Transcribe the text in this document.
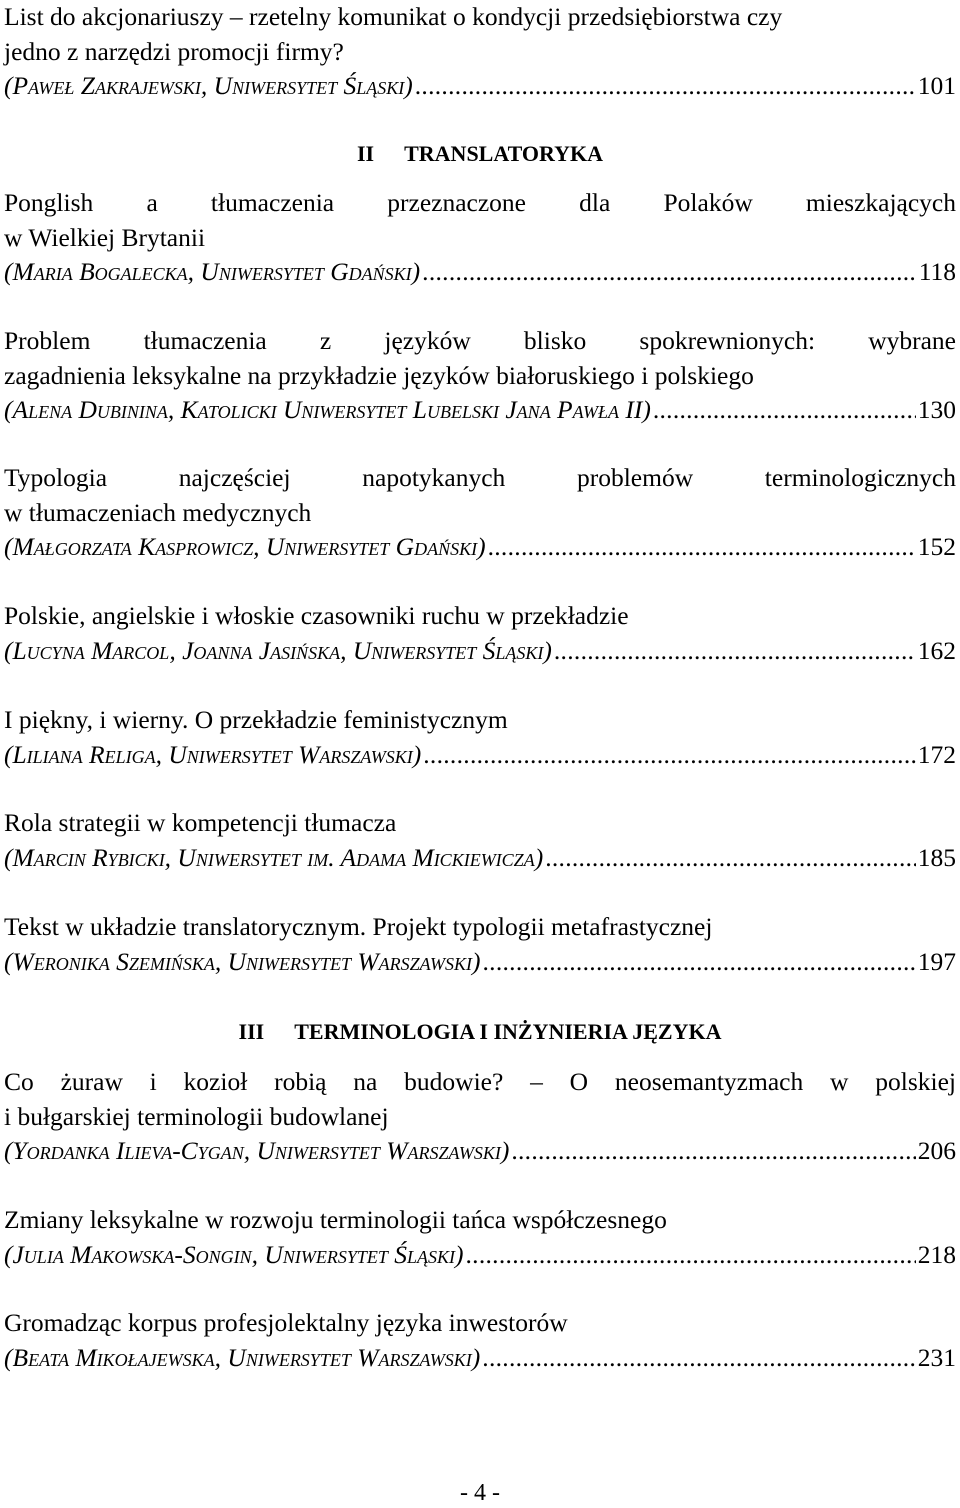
List do akcjonariuszy – rzetelny komunikat o kondycji przedsiębiorstwa czy
jedno z narzędzi promocji firmy?
(Paweł Zakrajewski, Uniwersytet Śląski) .....	101
II TRANSLATORYKA
Ponglish a tłumaczenia przeznaczone dla Polaków mieszkających
w Wielkiej Brytanii
(Maria Bogalecka, Uniwersytet Gdański) .....	118
Problem tłumaczenia z języków blisko spokrewnionych: wybrane
zagadnienia leksykalne na przykładzie języków białoruskiego i polskiego
(Alena Dubinina, Katolicki Uniwersytet Lubelski Jana Pawła II) .....	130
Typologia najczęściej napotykanych problemów terminologicznych
w tłumaczeniach medycznych
(Małgorzata Kasprowicz, Uniwersytet Gdański) .....	152
Polskie, angielskie i włoskie czasowniki ruchu w przekładzie
(Lucyna Marcol, Joanna Jasińska, Uniwersytet Śląski) .....	162
I piękny, i wierny. O przekładzie feministycznym
(Liliana Religa, Uniwersytet Warszawski) .....	172
Rola strategii w kompetencji tłumacza
(Marcin Rybicki, Uniwersytet im. Adama Mickiewicza) .....	185
Tekst w układzie translatorycznym. Projekt typologii metafrastycznej
(Weronika Szemińska, Uniwersytet Warszawski) .....	197
III TERMINOLOGIA I INŻYNIERIA JĘZYKA
Co żuraw i kozioł robią na budowie? – O neosemantyzmach w polskiej
i bułgarskiej terminologii budowlanej
(Yordanka Ilieva-Cygan, Uniwersytet Warszawski) .....	206
Zmiany leksykalne w rozwoju terminologii tańca współczesnego
(Julia Makowska-Songin, Uniwersytet Śląski) .....	218
Gromadząc korpus profesjolektalny języka inwestorów
(Beata Mikołajewska, Uniwersytet Warszawski) .....	231
- 4 -
